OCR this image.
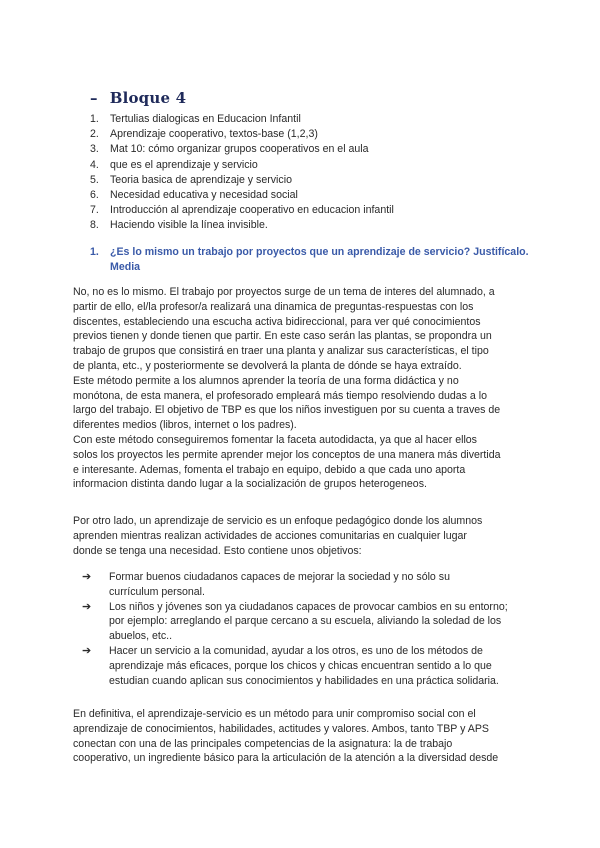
– Bloque 4
1.	Tertulias dialogicas en Educacion Infantil
2.	Aprendizaje cooperativo, textos-base (1,2,3)
3.	Mat 10: cómo organizar grupos cooperativos en el aula
4.	que es el aprendizaje y servicio
5.	Teoria basica de aprendizaje y servicio
6.	Necesidad educativa y necesidad social
7.	Introducción al aprendizaje cooperativo en educacion infantil
8.	Haciendo visible la línea invisible.
1.	¿Es lo mismo un trabajo por proyectos que un aprendizaje de servicio? Justifícalo. Media

No, no es lo mismo. El trabajo por proyectos surge de un tema de interes del alumnado, a
partir de ello, el/la profesor/a realizará una dinamica de preguntas-respuestas con los
discentes, estableciendo una escucha activa bidireccional, para ver qué conocimientos
previos tienen y donde tienen que partir. En este caso serán las plantas, se propondra un
trabajo de grupos que consistirá en traer una planta y analizar sus características, el tipo
de planta, etc., y posteriormente se devolverá la planta de dónde se haya extraído.
Este método permite a los alumnos aprender la teoría de una forma didáctica y no
monótona, de esta manera, el profesorado empleará más tiempo resolviendo dudas a lo
largo del trabajo. El objetivo de TBP es que los niños investiguen por su cuenta a traves de
diferentes medios (libros, internet o los padres).
Con este método conseguiremos fomentar la faceta autodidacta, ya que al hacer ellos
solos los proyectos les permite aprender mejor los conceptos de una manera más divertida
e interesante. Ademas, fomenta el trabajo en equipo, debido a que cada uno aporta
informacion distinta dando lugar a la socialización de grupos heterogeneos.

Por otro lado, un aprendizaje de servicio es un enfoque pedagógico donde los alumnos
aprenden mientras realizan actividades de acciones comunitarias en cualquier lugar
donde se tenga una necesidad. Esto contiene unos objetivos:

➔	Formar buenos ciudadanos capaces de mejorar la sociedad y no sólo su
currículum personal.
➔	Los niños y jóvenes son ya ciudadanos capaces de provocar cambios en su entorno;
por ejemplo: arreglando el parque cercano a su escuela, aliviando la soledad de los
abuelos, etc..
➔	Hacer un servicio a la comunidad, ayudar a los otros, es uno de los métodos de
aprendizaje más eficaces, porque los chicos y chicas encuentran sentido a lo que
estudian cuando aplican sus conocimientos y habilidades en una práctica solidaria.

En definitiva, el aprendizaje-servicio es un método para unir compromiso social con el
aprendizaje de conocimientos, habilidades, actitudes y valores. Ambos, tanto TBP y APS
conectan con una de las principales competencias de la asignatura: la de trabajo
cooperativo, un ingrediente básico para la articulación de la atención a la diversidad desde
